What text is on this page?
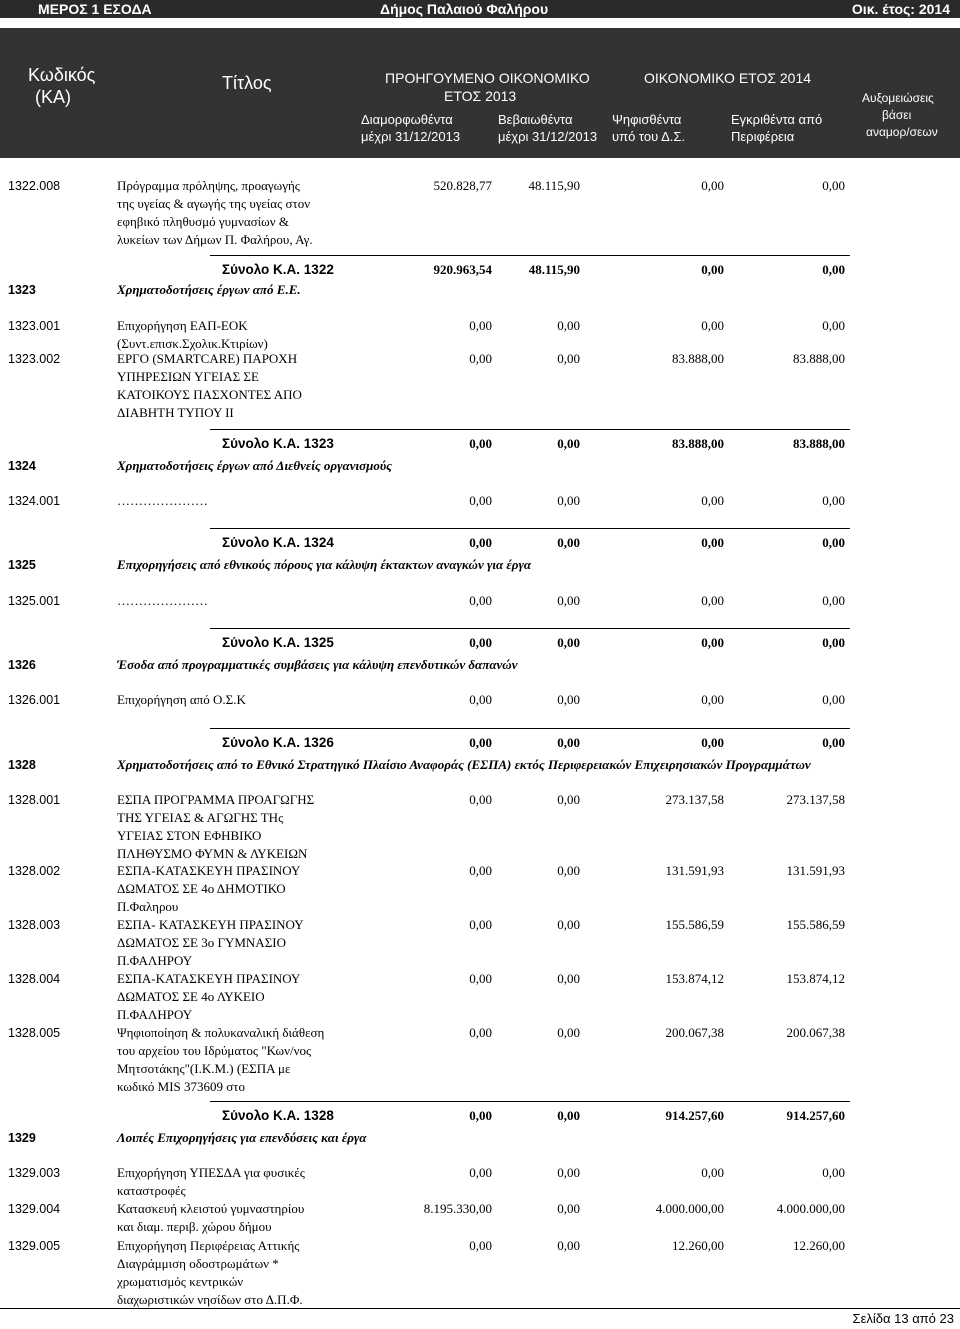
ΜΕΡΟΣ 1 ΕΣΟΔΑ	Δήμος Παλαιού Φαλήρου	Οικ. έτος: 2014
Κωδικός
(ΚΑ)
Τίτλος	ΠΡΟΗΓΟΥΜΕΝΟ ΟΙΚΟΝΟΜΙΚΟ
ΕΤΟΣ 2013
Διαμορφωθέντα
μέχρι 31/12/2013
Βεβαιωθέντα
μέχρι 31/12/2013
ΟΙΚΟΝΟΜΙΚΟ ΕΤΟΣ 2014
Ψηφισθέντα
υπό του Δ.Σ.
Εγκριθέντα από
Περιφέρεια
Αυξομειώσεις
βάσει
αναμορ/σεων
1322.008	Πρόγραμμα πρόληψης, προαγωγής
της υγείας & αγωγής της υγείας στον
εφηβικό πληθυσμό γυμνασίων &
λυκείων των Δήμων Π. Φαλήρου, Αγ.
520.828,77	48.115,90	0,00	0,00
Σύνολο Κ.Α. 1322	920.963,54	48.115,90	0,00	0,00
1323	Χρηματοδοτήσεις έργων από Ε.Ε.
1323.001	Επιχορήγηση ΕΑΠ-ΕΟΚ
(Συντ.επισκ.Σχολικ.Κτιρίων)
0,00	0,00	0,00	0,00
1323.002	ΕΡΓΟ (SMARTCARE) ΠΑΡΟΧΗ
ΥΠΗΡΕΣΙΩΝ ΥΓΕΙΑΣ ΣΕ
ΚΑΤΟΙΚΟΥΣ ΠΑΣΧΟΝΤΕΣ ΑΠΟ
ΔΙΑΒΗΤΗ ΤΥΠΟΥ ΙΙ
0,00	0,00	83.888,00	83.888,00
Σύνολο Κ.Α. 1323	0,00	0,00	83.888,00	83.888,00
1324	Χρηματοδοτήσεις έργων από Διεθνείς οργανισμούς
1324.001	…………………	0,00	0,00	0,00	0,00
Σύνολο Κ.Α. 1324	0,00	0,00	0,00	0,00
1325	Επιχορηγήσεις από εθνικούς πόρους για κάλυψη έκτακτων αναγκών για έργα
1325.001	…………………	0,00	0,00	0,00	0,00
Σύνολο Κ.Α. 1325	0,00	0,00	0,00	0,00
1326	Έσοδα από προγραμματικές συμβάσεις για κάλυψη επενδυτικών δαπανών
1326.001	Επιχορήγηση από Ο.Σ.Κ	0,00	0,00	0,00	0,00
Σύνολο Κ.Α. 1326	0,00	0,00	0,00	0,00
1328	Χρηματοδοτήσεις από το Εθνικό Στρατηγικό Πλαίσιο Αναφοράς (ΕΣΠΑ) εκτός Περιφερειακών Επιχειρησιακών Προγραμμάτων
1328.001	ΕΣΠΑ ΠΡΟΓΡΑΜΜΑ ΠΡΟΑΓΩΓΗΣ
ΤΗΣ ΥΓΕΙΑΣ & ΑΓΩΓΗΣ ΤΗς
ΥΓΕΙΑΣ ΣΤΟΝ ΕΦΗΒΙΚΟ
ΠΛΗΘΥΣΜΟ ΦΥΜΝ & ΛΥΚΕΙΩΝ
0,00	0,00	273.137,58	273.137,58
1328.002	ΕΣΠΑ-ΚΑΤΑΣΚΕΥΗ ΠΡΑΣΙΝΟΥ
ΔΩΜΑΤΟΣ ΣΕ 4ο ΔΗΜΟΤΙΚΟ
Π.Φαληρου
0,00	0,00	131.591,93	131.591,93
1328.003	ΕΣΠΑ- ΚΑΤΑΣΚΕΥΗ ΠΡΑΣΙΝΟΥ
ΔΩΜΑΤΟΣ ΣΕ 3ο ΓΥΜΝΑΣΙΟ
Π.ΦΑΛΗΡΟΥ
0,00	0,00	155.586,59	155.586,59
1328.004	ΕΣΠΑ-ΚΑΤΑΣΚΕΥΗ ΠΡΑΣΙΝΟΥ
ΔΩΜΑΤΟΣ ΣΕ 4ο ΛΥΚΕΙΟ
Π.ΦΑΛΗΡΟΥ
0,00	0,00	153.874,12	153.874,12
1328.005	Ψηφιοποίηση & πολυκαναλική διάθεση
του αρχείου του Ιδρύματος "Κων/νος
Μητσοτάκης"(Ι.Κ.Μ.) (ΕΣΠΑ με
κωδικό MIS 373609 στο
0,00	0,00	200.067,38	200.067,38
Σύνολο Κ.Α. 1328	0,00	0,00	914.257,60	914.257,60
1329	Λοιπές Επιχορηγήσεις για επενδύσεις και έργα
1329.003	Επιχορήγηση ΥΠΕΣΔΑ για φυσικές
καταστροφές
0,00	0,00	0,00	0,00
1329.004	Κατασκευή κλειστού γυμναστηρίου
και διαμ. περιβ. χώρου δήμου
8.195.330,00	0,00	4.000.000,00	4.000.000,00
1329.005	Επιχορήγηση Περιφέρειας Αττικής
Διαγράμμιση οδοστρωμάτων *
χρωματισμός κεντρικών
διαχωριστικών νησίδων στο Δ.Π.Φ.
0,00	0,00	12.260,00	12.260,00
Σελίδα 13 από 23
